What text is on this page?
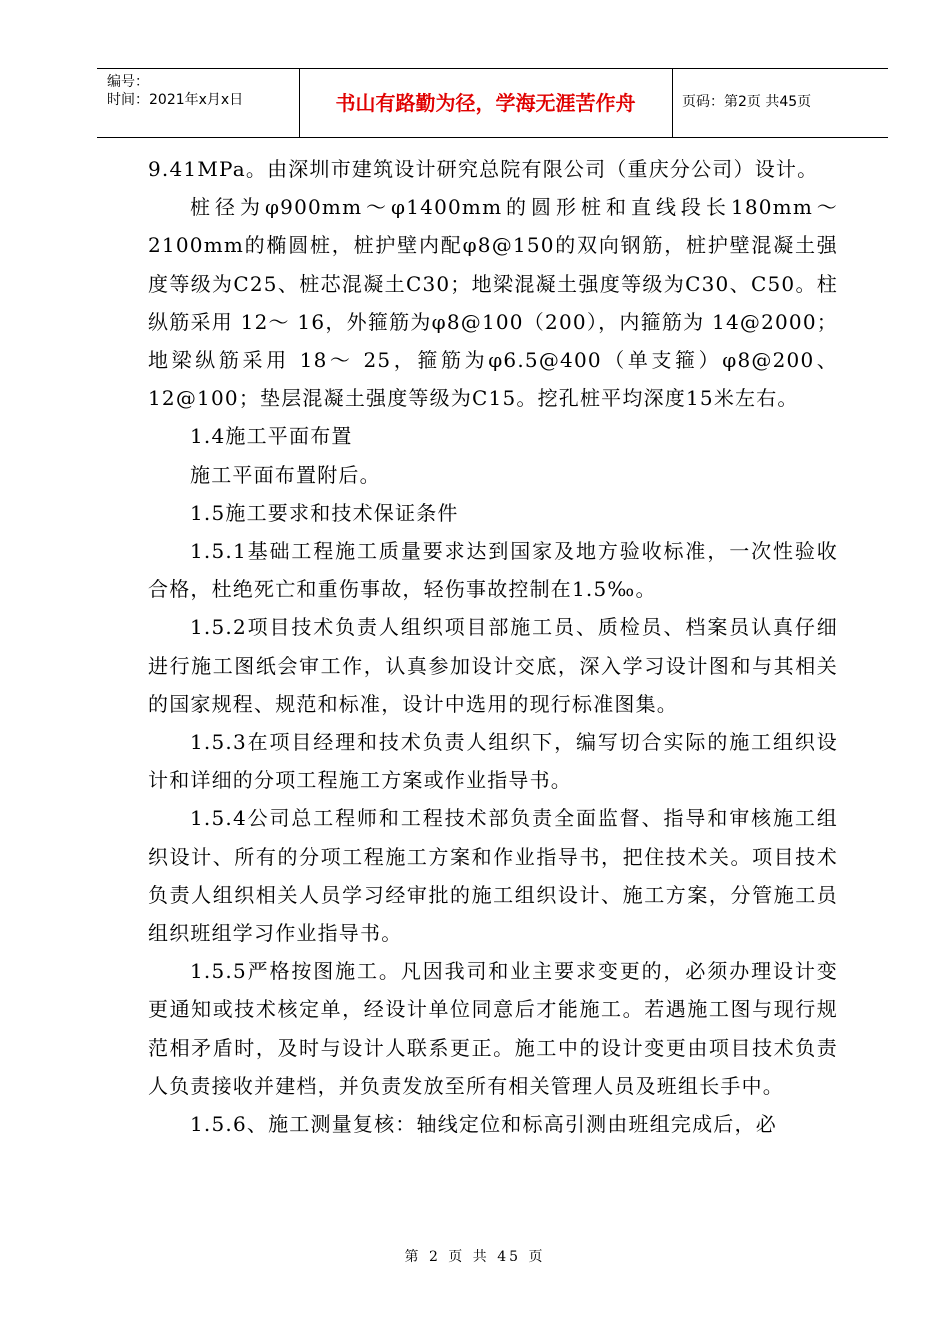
编号：
时间：2021年x月x日	书山有路勤为径，学海无涯苦作舟	页码：第2页 共45页

9.41MPa。由深圳市建筑设计研究总院有限公司（重庆分公司）设计。

桩径为φ900mm～φ1400mm的圆形桩和直线段长180mm～2100mm的椭圆桩，桩护壁内配φ8@150的双向钢筋，桩护壁混凝土强度等级为C25、桩芯混凝土C30；地梁混凝土强度等级为C30、C50。柱纵筋采用 12～ 16，外箍筋为φ8@100（200），内箍筋为 14@2000；地梁纵筋采用 18～ 25，箍筋为φ6.5@400（单支箍）φ8@200、 12@100；垫层混凝土强度等级为C15。挖孔桩平均深度15米左右。

1.4施工平面布置

施工平面布置附后。

1.5施工要求和技术保证条件

1.5.1基础工程施工质量要求达到国家及地方验收标准，一次性验收合格，杜绝死亡和重伤事故，轻伤事故控制在1.5‰。

1.5.2项目技术负责人组织项目部施工员、质检员、档案员认真仔细进行施工图纸会审工作，认真参加设计交底，深入学习设计图和与其相关的国家规程、规范和标准，设计中选用的现行标准图集。

1.5.3在项目经理和技术负责人组织下，编写切合实际的施工组织设计和详细的分项工程施工方案或作业指导书。

1.5.4公司总工程师和工程技术部负责全面监督、指导和审核施工组织设计、所有的分项工程施工方案和作业指导书，把住技术关。项目技术负责人组织相关人员学习经审批的施工组织设计、施工方案，分管施工员组织班组学习作业指导书。

1.5.5严格按图施工。凡因我司和业主要求变更的，必须办理设计变更通知或技术核定单，经设计单位同意后才能施工。若遇施工图与现行规范相矛盾时，及时与设计人联系更正。施工中的设计变更由项目技术负责人负责接收并建档，并负责发放至所有相关管理人员及班组长手中。

1.5.6、施工测量复核：轴线定位和标高引测由班组完成后，必

第 2 页 共 45 页
